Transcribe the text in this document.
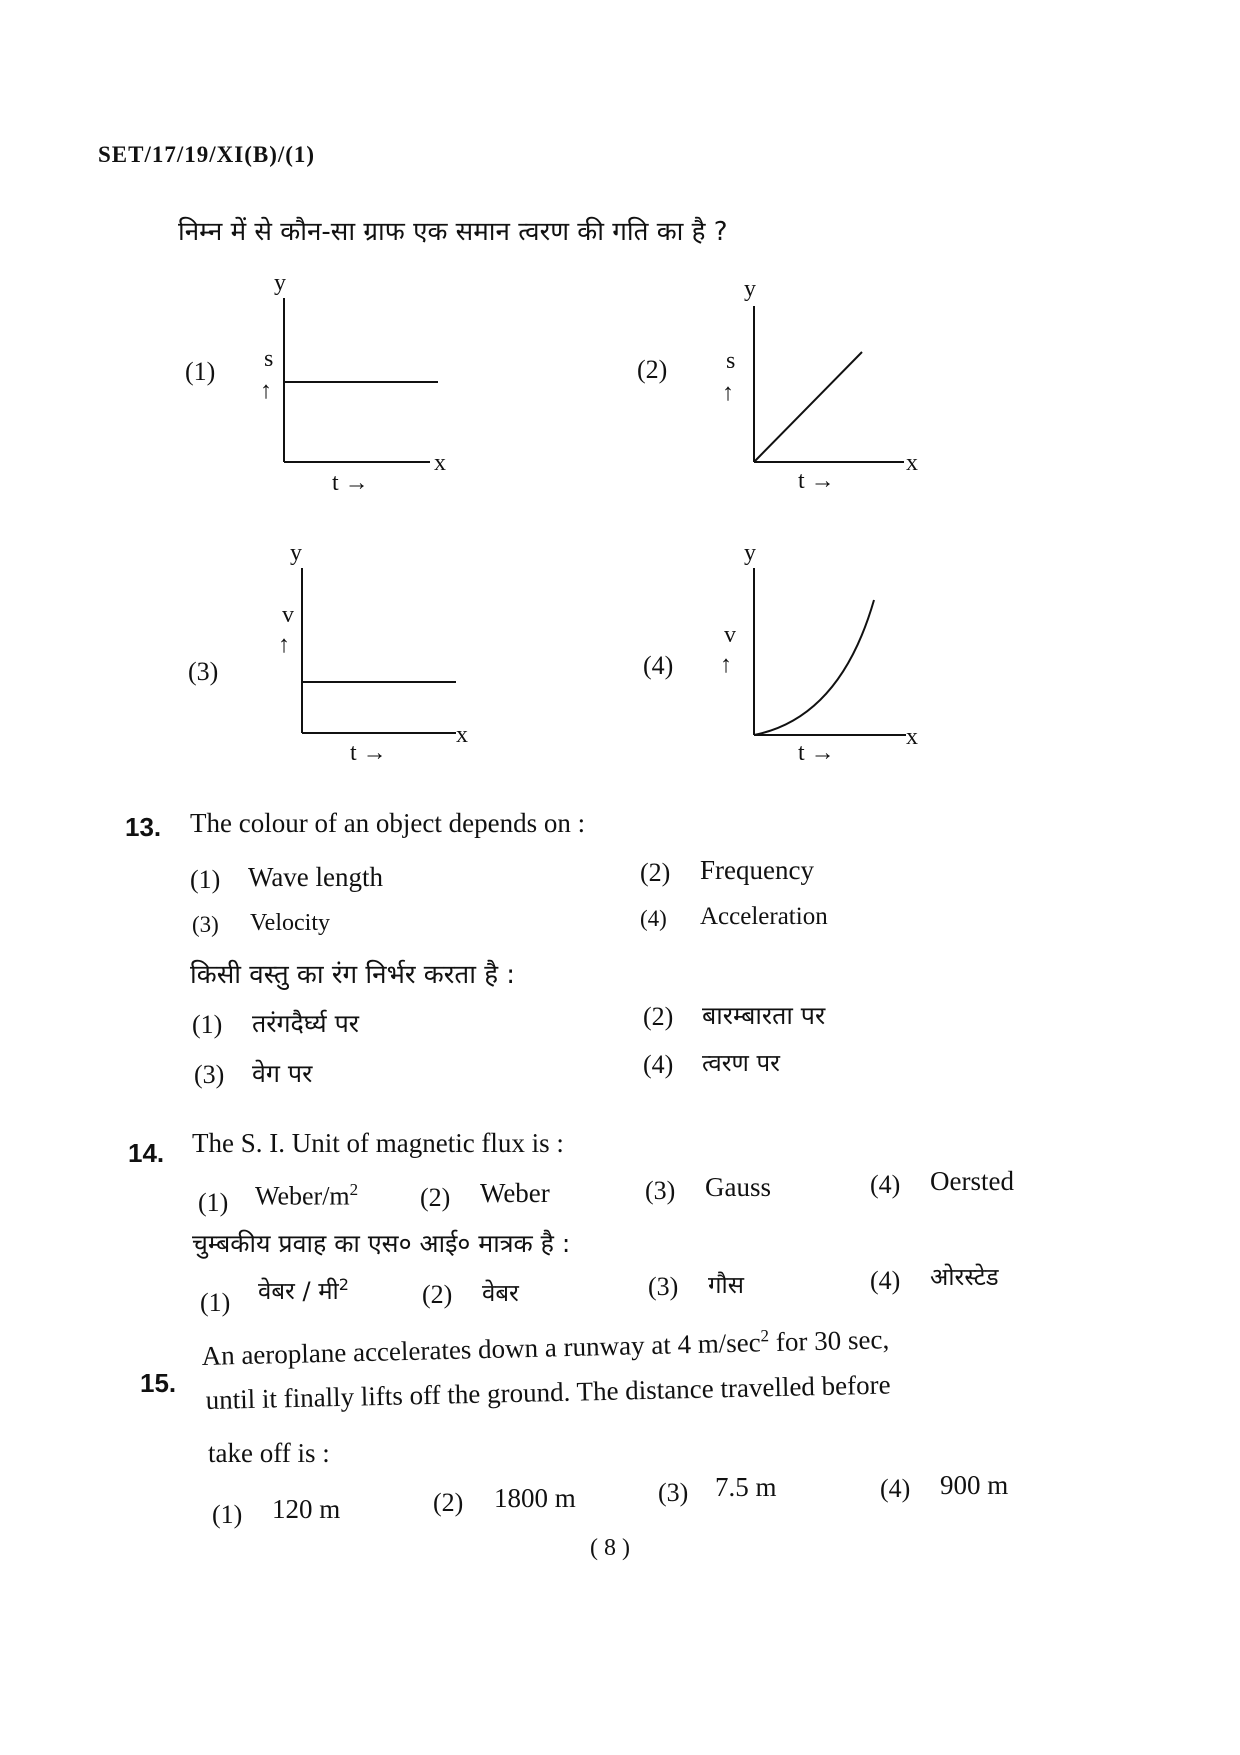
SET/17/19/XI(B)/(1)
निम्न में से कौन-सा ग्राफ एक समान त्वरण की गति का है ?
(1)	(2)
(3)	(4)
y
x
s
↑
t →
y
x
s
↑
t →
y
x
v
↑
t →
y
x
v
↑
t →
13. The colour of an object depends on :
(1) Wave length	(2) Frequency
(3) Velocity	(4) Acceleration
किसी वस्तु का रंग निर्भर करता है :
(1) तरंगदैर्घ्य पर	(2) बारम्बारता पर
(3) वेग पर	(4) त्वरण पर
14. The S. I. Unit of magnetic flux is :
(1) Weber/$m^2$ (2) Weber	(3) Gauss	(4) Oersted
चुम्बकीय प्रवाह का एस० आई० मात्रक है :
(1) वेबर / मी$^2$	(2) वेबर	(3) गौस	(4) ओरस्टेड
15.
An aeroplane accelerates down a runway at 4 $m/\sec^2$ for 30 sec,
until it finally lifts off the ground. The distance travelled before
take off is :
(1) 120 m	(2) 1800 m	(3) 7.5 m	(4) 900 m
( 8 )
